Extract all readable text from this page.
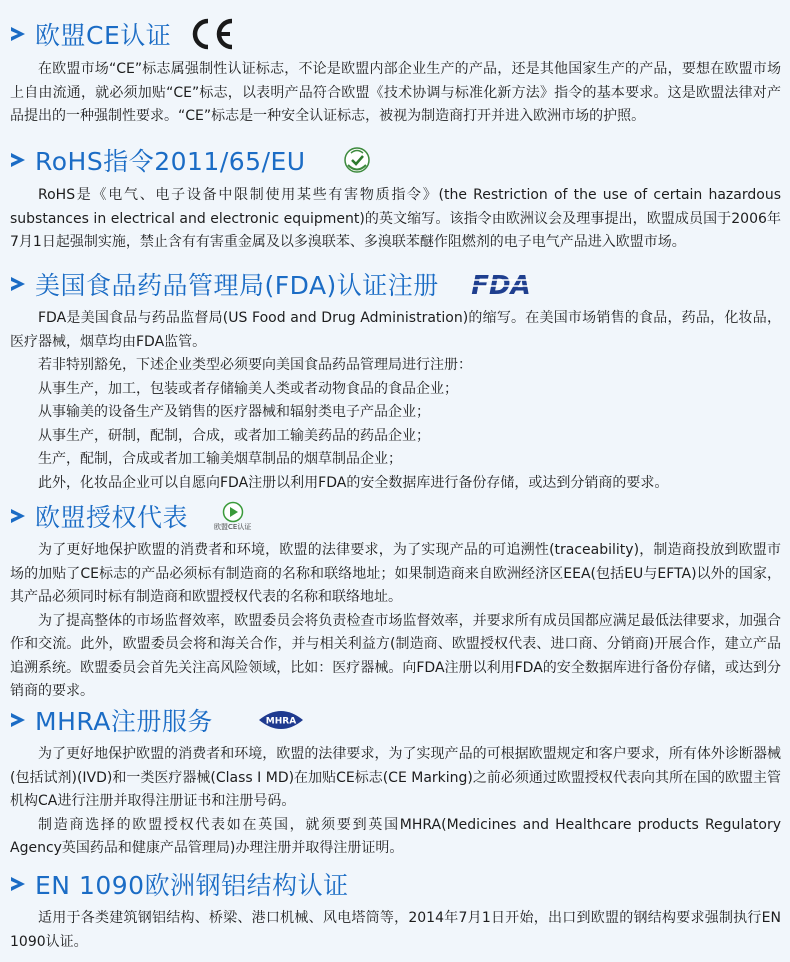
欧盟CE认证

在欧盟市场“CE”标志属强制性认证标志，不论是欧盟内部企业生产的产品，还是其他国家生产的产品，要想在欧盟市场上自由流通，就必须加贴“CE”标志，以表明产品符合欧盟《技术协调与标准化新方法》指令的基本要求。这是欧盟法律对产品提出的一种强制性要求。“CE”标志是一种安全认证标志，被视为制造商打开并进入欧洲市场的护照。

RoHS指令2011/65/EU

RoHS是《电气、电子设备中限制使用某些有害物质指令》(the Restriction of the use of certain hazardous substances in electrical and electronic equipment)的英文缩写。该指令由欧洲议会及理事提出，欧盟成员国于2006年7月1日起强制实施，禁止含有有害重金属及以多溴联苯、多溴联苯醚作阻燃剂的电子电气产品进入欧盟市场。

美国食品药品管理局(FDA)认证注册 FDA

FDA是美国食品与药品监督局(US Food and Drug Administration)的缩写。在美国市场销售的食品，药品，化妆品，医疗器械，烟草均由FDA监管。

若非特别豁免，下述企业类型必须要向美国食品药品管理局进行注册：

从事生产，加工，包装或者存储输美人类或者动物食品的食品企业；

从事输美的设备生产及销售的医疗器械和辐射类电子产品企业；

从事生产，研制，配制，合成，或者加工输美药品的药品企业；

生产，配制，合成或者加工输美烟草制品的烟草制品企业；

此外，化妆品企业可以自愿向FDA注册以利用FDA的安全数据库进行备份存储，或达到分销商的要求。

欧盟授权代表	欧盟CE认证

为了更好地保护欧盟的消费者和环境，欧盟的法律要求，为了实现产品的可追溯性(traceability)，制造商投放到欧盟市场的加贴了CE标志的产品必须标有制造商的名称和联络地址；如果制造商来自欧洲经济区EEA(包括EU与EFTA)以外的国家，其产品必须同时标有制造商和欧盟授权代表的名称和联络地址。

为了提高整体的市场监督效率，欧盟委员会将负责检查市场监督效率，并要求所有成员国都应满足最低法律要求，加强合作和交流。此外，欧盟委员会将和海关合作，并与相关利益方(制造商、欧盟授权代表、进口商、分销商)开展合作，建立产品追溯系统。欧盟委员会首先关注高风险领域，比如：医疗器械。向FDA注册以利用FDA的安全数据库进行备份存储，或达到分销商的要求。

MHRA注册服务	MHRA

为了更好地保护欧盟的消费者和环境，欧盟的法律要求，为了实现产品的可根据欧盟规定和客户要求，所有体外诊断器械(包括试剂)(IVD)和一类医疗器械(Class I MD)在加贴CE标志(CE Marking)之前必须通过欧盟授权代表向其所在国的欧盟主管机构CA进行注册并取得注册证书和注册号码。

制造商选择的欧盟授权代表如在英国，就须要到英国MHRA(Medicines and Healthcare products Regulatory Agency英国药品和健康产品管理局)办理注册并取得注册证明。

EN 1090欧洲钢铝结构认证

适用于各类建筑钢铝结构、桥梁、港口机械、风电塔筒等，2014年7月1日开始，出口到欧盟的钢结构要求强制执行EN 1090认证。
